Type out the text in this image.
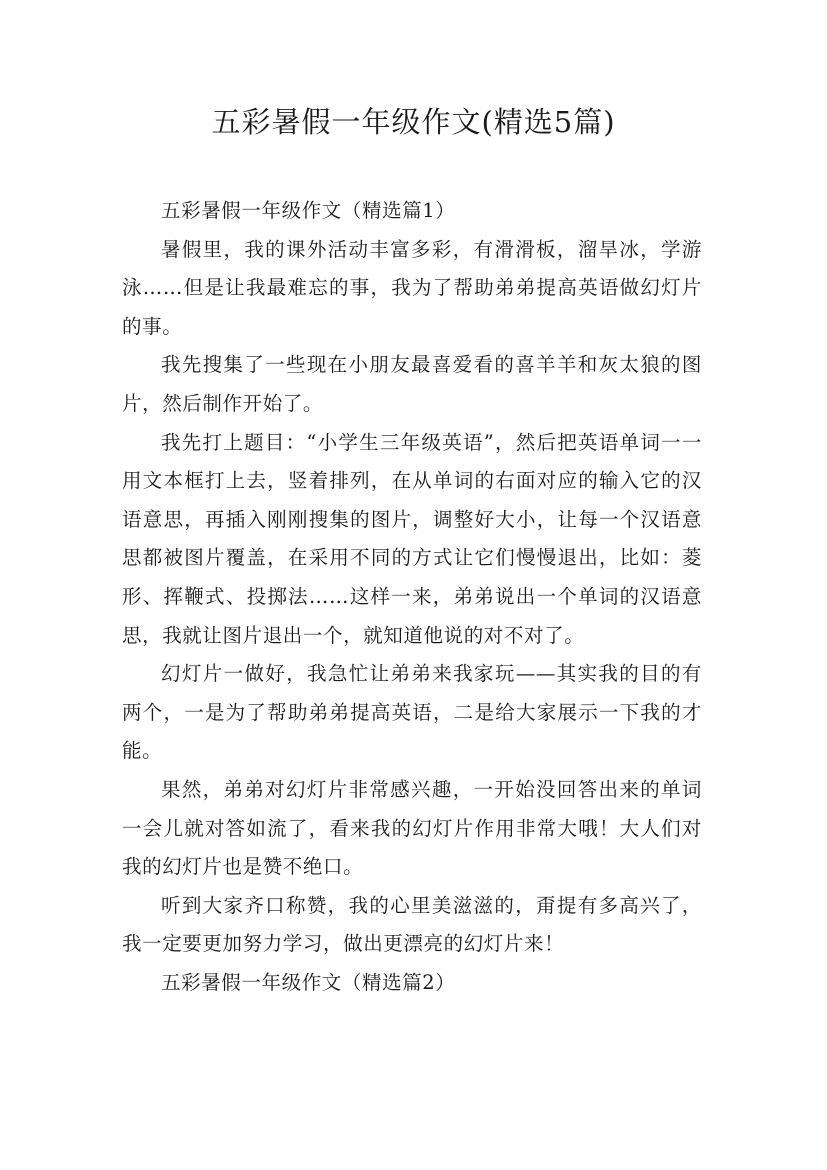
五彩暑假一年级作文(精选5篇)

五彩暑假一年级作文（精选篇1）

暑假里，我的课外活动丰富多彩，有滑滑板，溜旱冰，学游泳……但是让我最难忘的事，我为了帮助弟弟提高英语做幻灯片的事。

我先搜集了一些现在小朋友最喜爱看的喜羊羊和灰太狼的图片，然后制作开始了。

我先打上题目：“小学生三年级英语”，然后把英语单词一一用文本框打上去，竖着排列，在从单词的右面对应的输入它的汉语意思，再插入刚刚搜集的图片，调整好大小，让每一个汉语意思都被图片覆盖，在采用不同的方式让它们慢慢退出，比如：菱形、挥鞭式、投掷法……这样一来，弟弟说出一个单词的汉语意思，我就让图片退出一个，就知道他说的对不对了。

幻灯片一做好，我急忙让弟弟来我家玩——其实我的目的有两个，一是为了帮助弟弟提高英语，二是给大家展示一下我的才能。

果然，弟弟对幻灯片非常感兴趣，一开始没回答出来的单词一会儿就对答如流了，看来我的幻灯片作用非常大哦！大人们对我的幻灯片也是赞不绝口。

听到大家齐口称赞，我的心里美滋滋的，甭提有多高兴了，我一定要更加努力学习，做出更漂亮的幻灯片来！

五彩暑假一年级作文（精选篇2）
